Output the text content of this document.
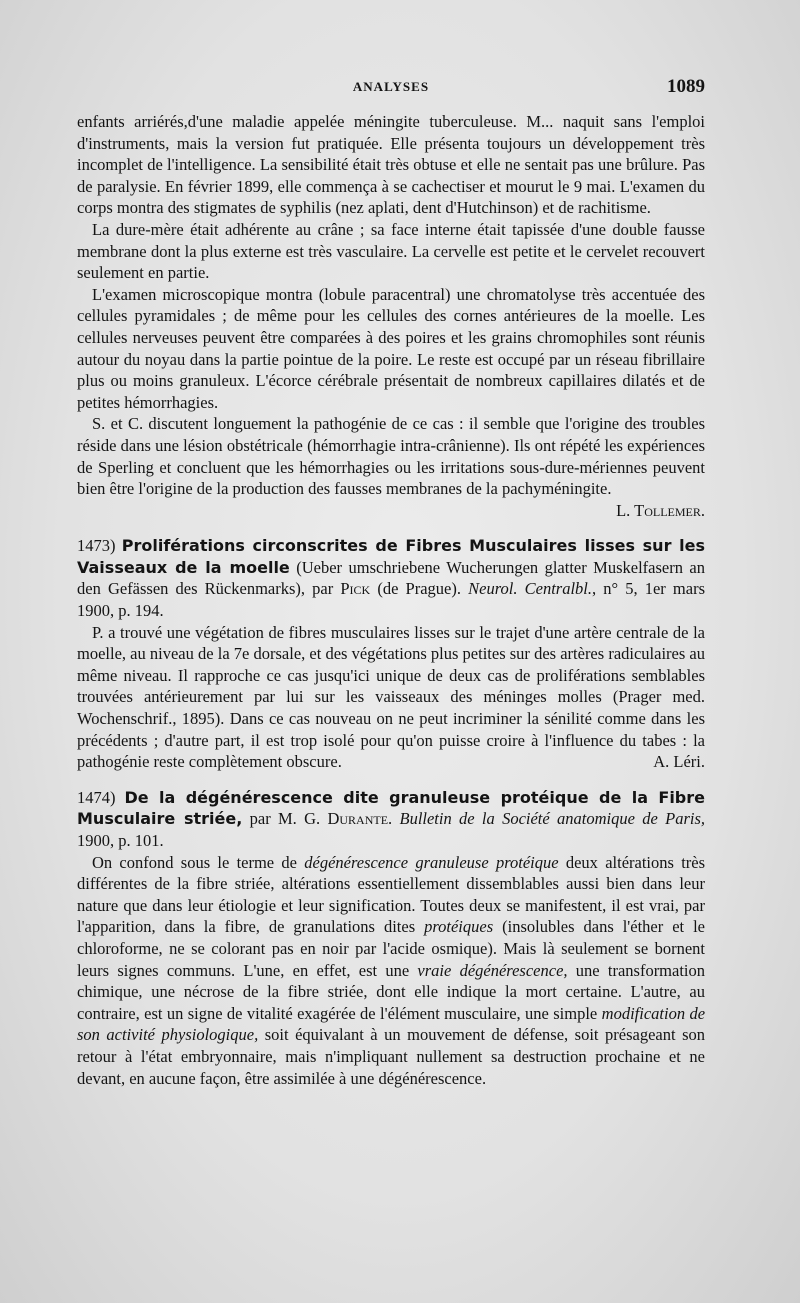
ANALYSES	1089

enfants arriérés,d'une maladie appelée méningite tuberculeuse. M... naquit sans l'emploi d'instruments, mais la version fut pratiquée. Elle présenta toujours un développement très incomplet de l'intelligence. La sensibilité était très obtuse et elle ne sentait pas une brûlure. Pas de paralysie. En février 1899, elle commença à se cachectiser et mourut le 9 mai. L'examen du corps montra des stigmates de syphilis (nez aplati, dent d'Hutchinson) et de rachitisme.

La dure-mère était adhérente au crâne ; sa face interne était tapissée d'une double fausse membrane dont la plus externe est très vasculaire. La cervelle est petite et le cervelet recouvert seulement en partie.

L'examen microscopique montra (lobule paracentral) une chromatolyse très accentuée des cellules pyramidales ; de même pour les cellules des cornes antérieures de la moelle. Les cellules nerveuses peuvent être comparées à des poires et les grains chromophiles sont réunis autour du noyau dans la partie pointue de la poire. Le reste est occupé par un réseau fibrillaire plus ou moins granuleux. L'écorce cérébrale présentait de nombreux capillaires dilatés et de petites hémorrhagies.

S. et C. discutent longuement la pathogénie de ce cas : il semble que l'origine des troubles réside dans une lésion obstétricale (hémorrhagie intra-crânienne). Ils ont répété les expériences de Sperling et concluent que les hémorrhagies ou les irritations sous-dure-mériennes peuvent bien être l'origine de la production des fausses membranes de la pachyméningite.
L. Tollemer.

1473) Proliférations circonscrites de Fibres Musculaires lisses sur les Vaisseaux de la moelle (Ueber umschriebene Wucherungen glatter Muskelfasern an den Gefässen des Rückenmarks), par Pick (de Prague). Neurol. Centralbl., n° 5, 1er mars 1900, p. 194.

P. a trouvé une végétation de fibres musculaires lisses sur le trajet d'une artère centrale de la moelle, au niveau de la 7e dorsale, et des végétations plus petites sur des artères radiculaires au même niveau. Il rapproche ce cas jusqu'ici unique de deux cas de proliférations semblables trouvées antérieurement par lui sur les vaisseaux des méninges molles (Prager med. Wochenschrif., 1895). Dans ce cas nouveau on ne peut incriminer la sénilité comme dans les précédents ; d'autre part, il est trop isolé pour qu'on puisse croire à l'influence du tabes : la pathogénie reste complètement obscure.	A. Léri.

1474) De la dégénérescence dite granuleuse protéique de la Fibre Musculaire striée, par M. G. Durante. Bulletin de la Société anatomique de Paris, 1900, p. 101.

On confond sous le terme de dégénérescence granuleuse protéique deux altérations très différentes de la fibre striée, altérations essentiellement dissemblables aussi bien dans leur nature que dans leur étiologie et leur signification. Toutes deux se manifestent, il est vrai, par l'apparition, dans la fibre, de granulations dites protéiques (insolubles dans l'éther et le chloroforme, ne se colorant pas en noir par l'acide osmique). Mais là seulement se bornent leurs signes communs. L'une, en effet, est une vraie dégénérescence, une transformation chimique, une nécrose de la fibre striée, dont elle indique la mort certaine. L'autre, au contraire, est un signe de vitalité exagérée de l'élément musculaire, une simple modification de son activité physiologique, soit équivalant à un mouvement de défense, soit présageant son retour à l'état embryonnaire, mais n'impliquant nullement sa destruction prochaine et ne devant, en aucune façon, être assimilée à une dégénérescence.
